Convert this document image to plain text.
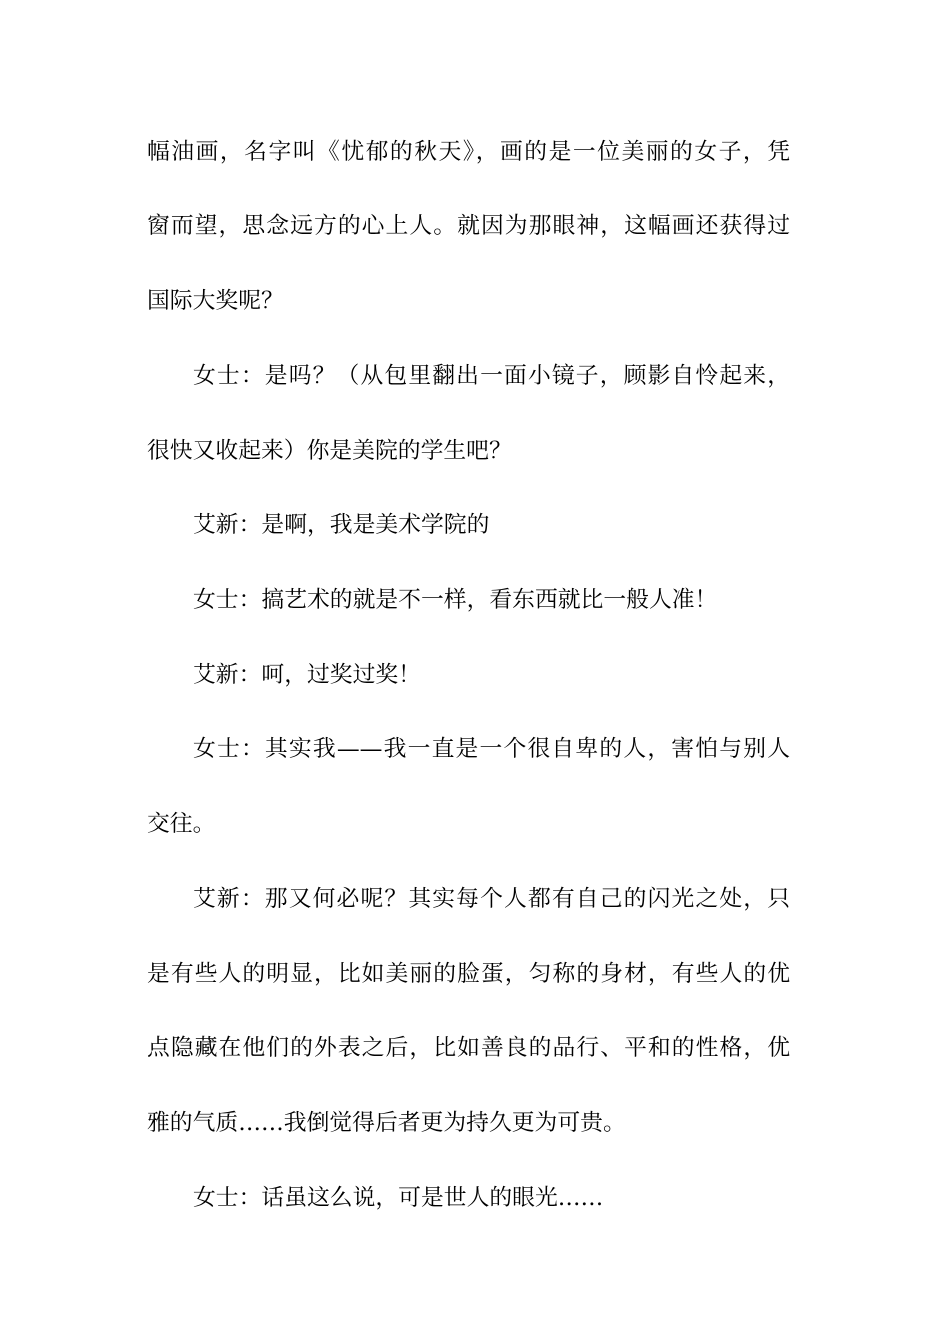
幅油画，名字叫《忧郁的秋天》，画的是一位美丽的女子，凭
窗而望，思念远方的心上人。就因为那眼神，这幅画还获得过
国际大奖呢？
女士：是吗？（从包里翻出一面小镜子，顾影自怜起来，
很快又收起来）你是美院的学生吧？
艾新：是啊，我是美术学院的
女士：搞艺术的就是不一样，看东西就比一般人准！
艾新：呵，过奖过奖！
女士：其实我——我一直是一个很自卑的人，害怕与别人
交往。
艾新：那又何必呢？其实每个人都有自己的闪光之处，只
是有些人的明显，比如美丽的脸蛋，匀称的身材，有些人的优
点隐藏在他们的外表之后，比如善良的品行、平和的性格，优
雅的气质……我倒觉得后者更为持久更为可贵。
女士：话虽这么说，可是世人的眼光……
